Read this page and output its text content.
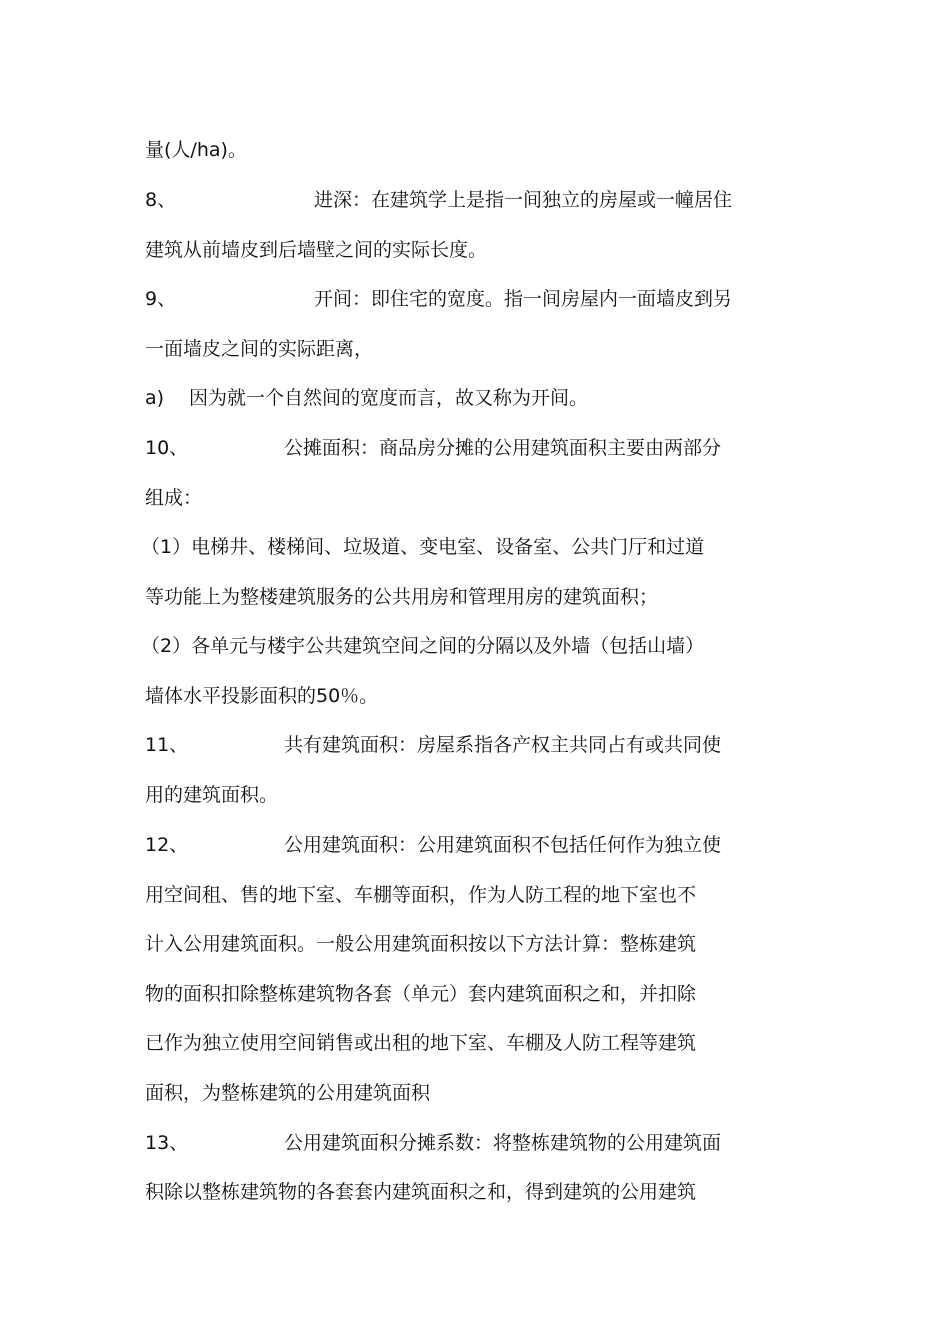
量(人/ha)。
8、	进深：在建筑学上是指一间独立的房屋或一幢居住
建筑从前墙皮到后墙壁之间的实际长度。
9、	开间：即住宅的宽度。指一间房屋内一面墙皮到另
一面墙皮之间的实际距离，
a) 因为就一个自然间的宽度而言，故又称为开间。
10、	公摊面积：商品房分摊的公用建筑面积主要由两部分
组成：
（1）电梯井、楼梯间、垃圾道、变电室、设备室、公共门厅和过道
等功能上为整楼建筑服务的公共用房和管理用房的建筑面积；
（2）各单元与楼宇公共建筑空间之间的分隔以及外墙（包括山墙）
墙体水平投影面积的50％。
11、	共有建筑面积：房屋系指各产权主共同占有或共同使
用的建筑面积。
12、	公用建筑面积：公用建筑面积不包括任何作为独立使
用空间租、售的地下室、车棚等面积，作为人防工程的地下室也不
计入公用建筑面积。一般公用建筑面积按以下方法计算：整栋建筑
物的面积扣除整栋建筑物各套（单元）套内建筑面积之和，并扣除
已作为独立使用空间销售或出租的地下室、车棚及人防工程等建筑
面积，为整栋建筑的公用建筑面积
13、	公用建筑面积分摊系数：将整栋建筑物的公用建筑面
积除以整栋建筑物的各套套内建筑面积之和，得到建筑的公用建筑
